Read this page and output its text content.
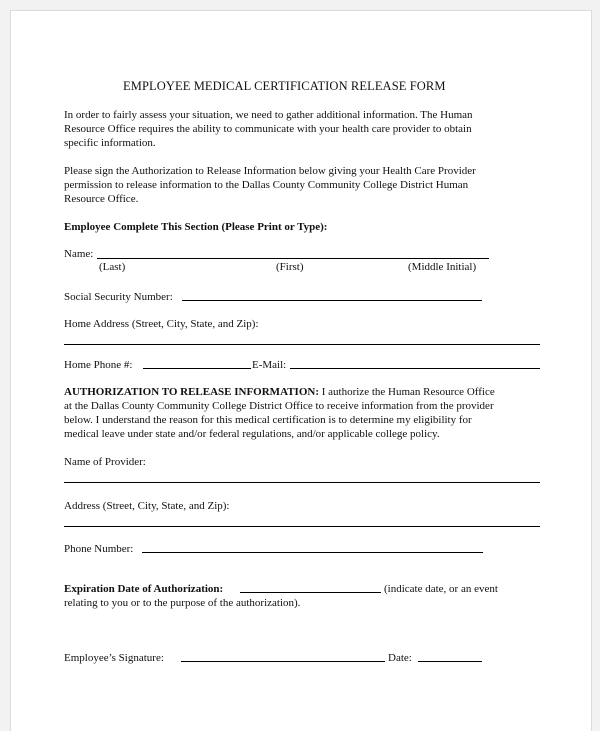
EMPLOYEE MEDICAL CERTIFICATION RELEASE FORM
In order to fairly assess your situation, we need to gather additional information. The Human
Resource Office requires the ability to communicate with your health care provider to obtain
specific information.
Please sign the Authorization to Release Information below giving your Health Care Provider
permission to release information to the Dallas County Community College District Human
Resource Office.
Employee Complete This Section (Please Print or Type):
Name:
(Last)	(First)	(Middle Initial)
Social Security Number:
Home Address (Street, City, State, and Zip):
Home Phone #:	E-Mail:
AUTHORIZATION TO RELEASE INFORMATION: I authorize the Human Resource Office
at the Dallas County Community College District Office to receive information from the provider
below. I understand the reason for this medical certification is to determine my eligibility for
medical leave under state and/or federal regulations, and/or applicable college policy.
Name of Provider:
Address (Street, City, State, and Zip):
Phone Number:
Expiration Date of Authorization:	(indicate date, or an event
relating to you or to the purpose of the authorization).
Employee’s Signature:	Date:
